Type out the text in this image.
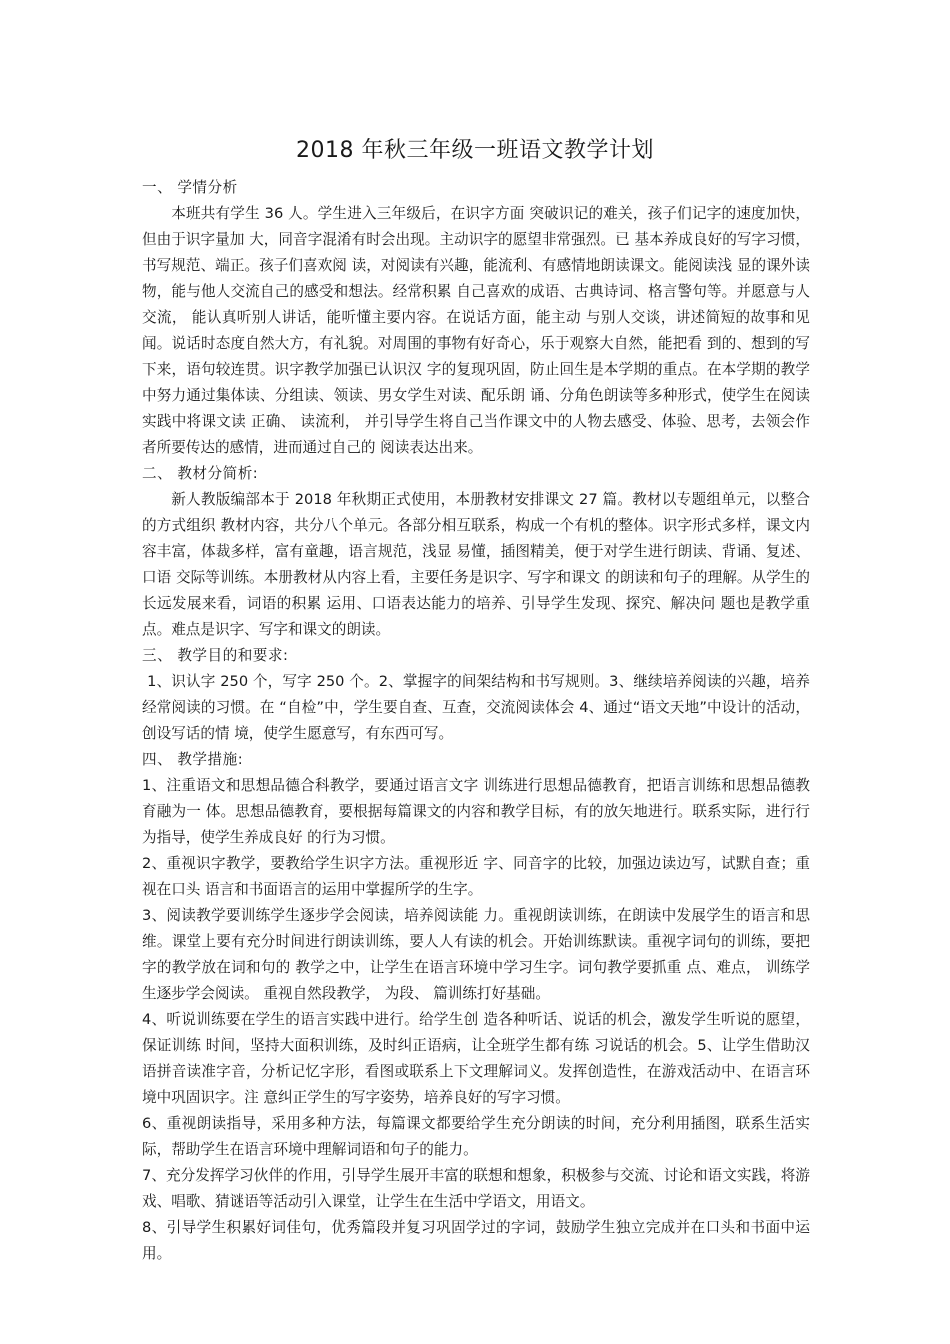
2018 年秋三年级一班语文教学计划

一、 学情分析

本班共有学生 36 人。学生进入三年级后，在识字方面 突破识记的难关，孩子们记字的速度加快，但由于识字量加 大，同音字混淆有时会出现。主动识字的愿望非常强烈。已 基本养成良好的写字习惯，书写规范、端正。孩子们喜欢阅 读，对阅读有兴趣，能流利、有感情地朗读课文。能阅读浅 显的课外读物，能与他人交流自己的感受和想法。经常积累 自己喜欢的成语、古典诗词、格言警句等。并愿意与人交流， 能认真听别人讲话，能听懂主要内容。在说话方面，能主动 与别人交谈，讲述简短的故事和见闻。说话时态度自然大方，有礼貌。对周围的事物有好奇心，乐于观察大自然，能把看 到的、想到的写下来，语句较连贯。识字教学加强已认识汉 字的复现巩固，防止回生是本学期的重点。在本学期的教学 中努力通过集体读、分组读、领读、男女学生对读、配乐朗 诵、分角色朗读等多种形式，使学生在阅读实践中将课文读 正确、 读流利， 并引导学生将自己当作课文中的人物去感受、体验、思考，去领会作者所要传达的感情，进而通过自己的 阅读表达出来。

二、 教材分简析:

新人教版编部本于 2018 年秋期正式使用，本册教材安排课文 27 篇。教材以专题组单元，以整合的方式组织 教材内容，共分八个单元。各部分相互联系，构成一个有机的整体。识字形式多样，课文内容丰富，体裁多样，富有童趣，语言规范，浅显 易懂，插图精美，便于对学生进行朗读、背诵、复述、口语 交际等训练。本册教材从内容上看，主要任务是识字、写字和课文 的朗读和句子的理解。从学生的长远发展来看，词语的积累 运用、口语表达能力的培养、引导学生发现、探究、解决问 题也是教学重点。难点是识字、写字和课文的朗读。

三、 教学目的和要求:

1、识认字 250 个，写字 250 个。2、掌握字的间架结构和书写规则。3、继续培养阅读的兴趣，培养经常阅读的习惯。在 “自检”中，学生要自查、互查，交流阅读体会 4、通过“语文天地”中设计的活动，创设写话的情 境，使学生愿意写，有东西可写。

四、 教学措施:

1、注重语文和思想品德合科教学，要通过语言文字 训练进行思想品德教育，把语言训练和思想品德教育融为一 体。思想品德教育，要根据每篇课文的内容和教学目标，有的放矢地进行。联系实际，进行行为指导，使学生养成良好 的行为习惯。

2、重视识字教学，要教给学生识字方法。重视形近 字、同音字的比较，加强边读边写，试默自查；重视在口头 语言和书面语言的运用中掌握所学的生字。

3、阅读教学要训练学生逐步学会阅读，培养阅读能 力。重视朗读训练，在朗读中发展学生的语言和思维。课堂上要有充分时间进行朗读训练，要人人有读的机会。开始训练默读。重视字词句的训练，要把字的教学放在词和句的 教学之中，让学生在语言环境中学习生字。词句教学要抓重 点、难点， 训练学生逐步学会阅读。 重视自然段教学， 为段、 篇训练打好基础。

4、听说训练要在学生的语言实践中进行。给学生创 造各种听话、说话的机会，激发学生听说的愿望，保证训练 时间，坚持大面积训练，及时纠正语病，让全班学生都有练 习说话的机会。5、让学生借助汉语拼音读准字音，分析记忆字形，看图或联系上下文理解词义。发挥创造性，在游戏活动中、在语言环境中巩固识字。注 意纠正学生的写字姿势，培养良好的写字习惯。

6、重视朗读指导，采用多种方法，每篇课文都要给学生充分朗读的时间，充分利用插图，联系生活实际，帮助学生在语言环境中理解词语和句子的能力。

7、充分发挥学习伙伴的作用，引导学生展开丰富的联想和想象，积极参与交流、讨论和语文实践，将游戏、唱歌、猜谜语等活动引入课堂，让学生在生活中学语文，用语文。

8、引导学生积累好词佳句，优秀篇段并复习巩固学过的字词，鼓励学生独立完成并在口头和书面中运用。
